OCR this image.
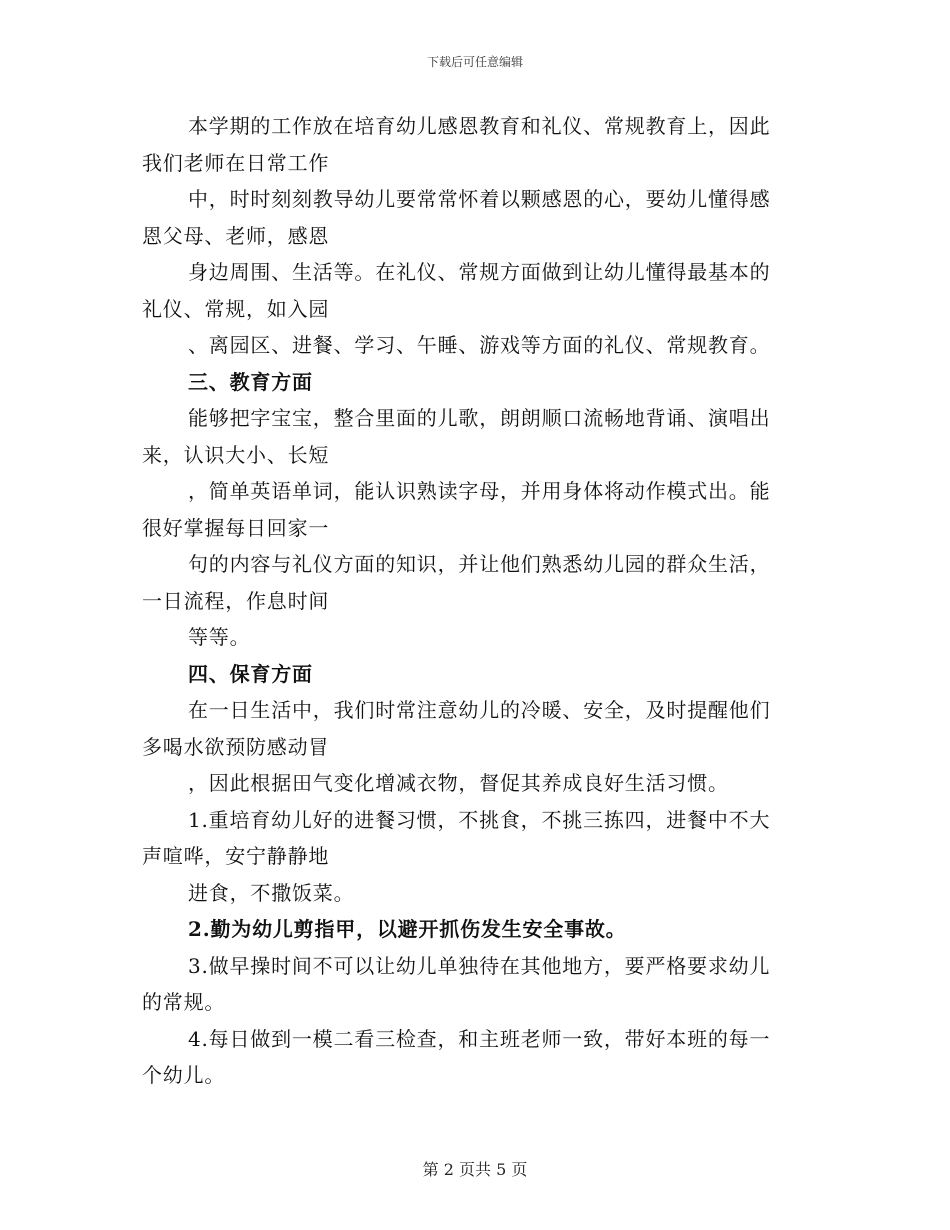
下载后可任意编辑
本学期的工作放在培育幼儿感恩教育和礼仪、常规教育上，因此
我们老师在日常工作
中，时时刻刻教导幼儿要常常怀着以颗感恩的心，要幼儿懂得感
恩父母、老师，感恩
身边周围、生活等。在礼仪、常规方面做到让幼儿懂得最基本的
礼仪、常规，如入园
、离园区、进餐、学习、午睡、游戏等方面的礼仪、常规教育。
三、教育方面
能够把字宝宝，整合里面的儿歌，朗朗顺口流畅地背诵、演唱出
来，认识大小、长短
，简单英语单词，能认识熟读字母，并用身体将动作模式出。能
很好掌握每日回家一
句的内容与礼仪方面的知识，并让他们熟悉幼儿园的群众生活，
一日流程，作息时间
等等。
四、保育方面
在一日生活中，我们时常注意幼儿的冷暖、安全，及时提醒他们
多喝水欲预防感动冒
，因此根据田气变化增减衣物，督促其养成良好生活习惯。
1.重培育幼儿好的进餐习惯，不挑食，不挑三拣四，进餐中不大
声喧哗，安宁静静地
进食，不撒饭菜。
2.勤为幼儿剪指甲，以避开抓伤发生安全事故。
3.做早操时间不可以让幼儿单独待在其他地方，要严格要求幼儿
的常规。
4.每日做到一模二看三检查，和主班老师一致，带好本班的每一
个幼儿。
第 2 页共 5 页
